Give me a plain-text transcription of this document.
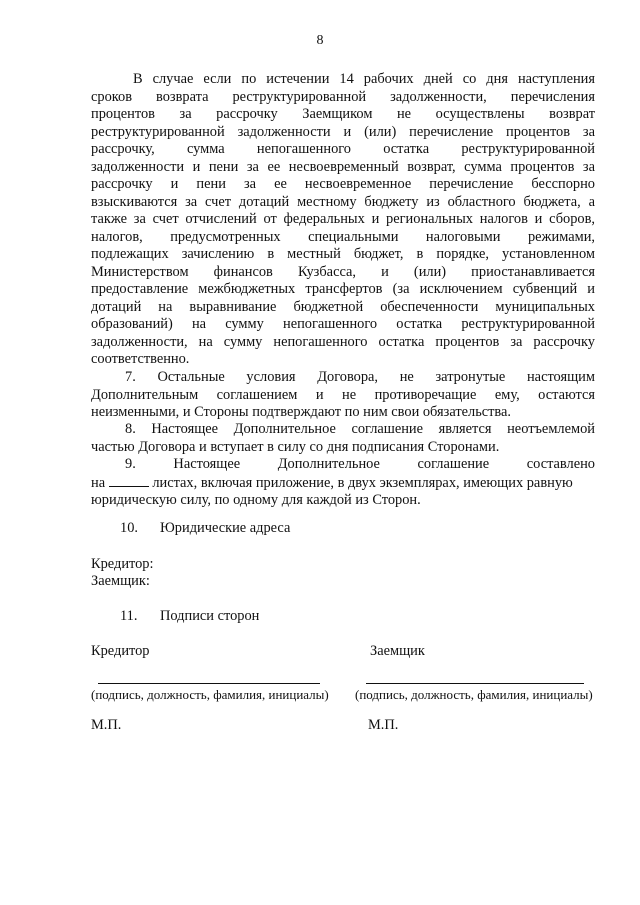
8
В случае если по истечении 14 рабочих дней со дня наступления
сроков возврата реструктурированной задолженности, перечисления
процентов за рассрочку Заемщиком не осуществлены возврат
реструктурированной задолженности и (или) перечисление процентов за
рассрочку, сумма непогашенного остатка реструктурированной
задолженности и пени за ее несвоевременный возврат, сумма процентов за
рассрочку и пени за ее несвоевременное перечисление бесспорно
взыскиваются за счет дотаций местному бюджету из областного бюджета, а
также за счет отчислений от федеральных и региональных налогов и сборов,
налогов, предусмотренных специальными налоговыми режимами,
подлежащих зачислению в местный бюджет, в порядке, установленном
Министерством финансов Кузбасса, и (или) приостанавливается
предоставление межбюджетных трансфертов (за исключением субвенций и
дотаций на выравнивание бюджетной обеспеченности муниципальных
образований) на сумму непогашенного остатка реструктурированной
задолженности, на сумму непогашенного остатка процентов за рассрочку
соответственно.
7. Остальные условия Договора, не затронутые настоящим
Дополнительным соглашением и не противоречащие ему, остаются
неизменными, и Стороны подтверждают по ним свои обязательства.
8. Настоящее Дополнительное соглашение является неотъемлемой
частью Договора и вступает в силу со дня подписания Сторонами.
9. Настоящее Дополнительное соглашение составлено
на	листах, включая приложение, в двух экземплярах, имеющих равную
юридическую силу, по одному для каждой из Сторон.
10. Юридические адреса
Кредитор:
Заемщик:
11. Подписи сторон
Кредитор	Заемщик
(подпись, должность, фамилия, инициалы) (подпись, должность, фамилия, инициалы)
М.П.	М.П.
